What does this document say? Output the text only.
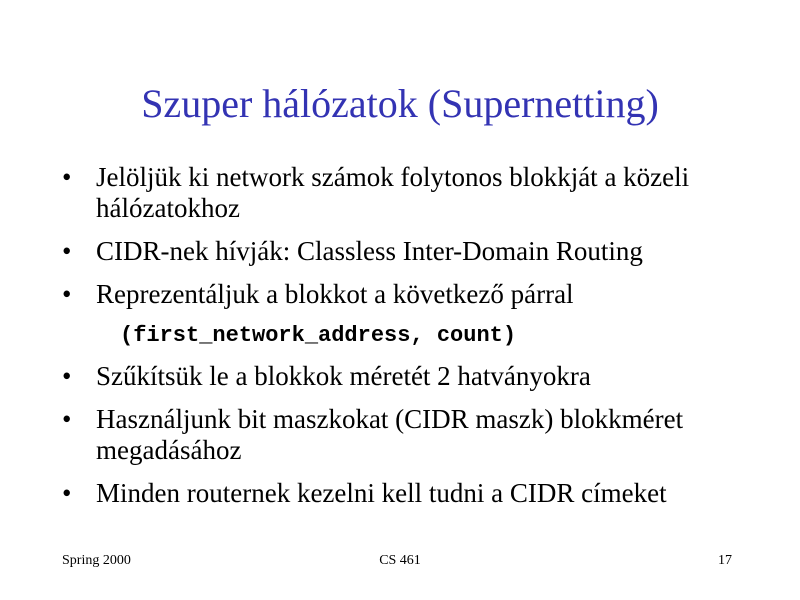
Szuper hálózatok (Supernetting)
• Jelöljük ki network számok folytonos blokkját a közeli hálózatokhoz
• CIDR-nek hívják: Classless Inter-Domain Routing
• Reprezentáljuk a blokkot a következő párral
(first_network_address, count)
• Szűkítsük le a blokkok méretét 2 hatványokra
• Használjunk bit maszkokat (CIDR maszk) blokkméret megadásához
• Minden routernek kezelni kell tudni a CIDR címeket
Spring 2000	CS 461	17
